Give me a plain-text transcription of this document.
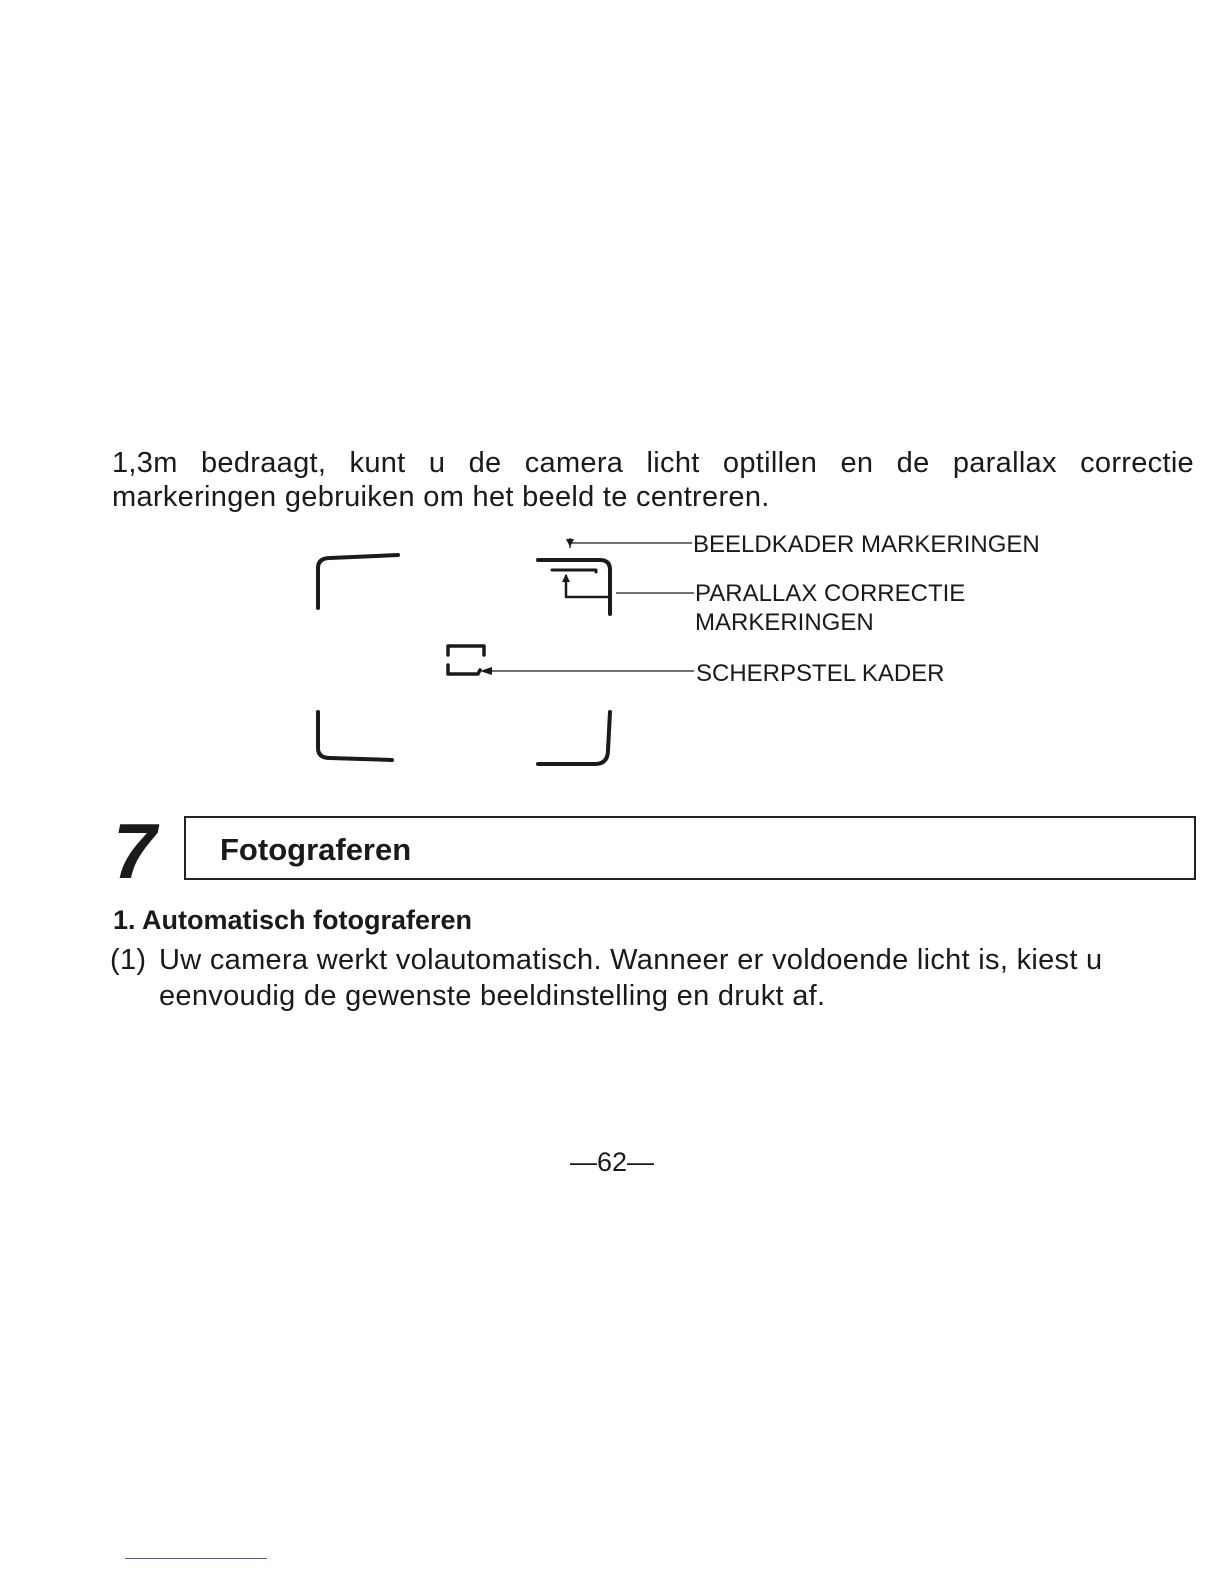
1,3m bedraagt, kunt u de camera licht optillen en de parallax correctie
markeringen gebruiken om het beeld te centreren.
BEELDKADER MARKERINGEN
PARALLAX CORRECTIE
MARKERINGEN
SCHERPSTEL KADER
7 Fotograferen
1. Automatisch fotograferen
(1) Uw camera werkt volautomatisch. Wanneer er voldoende licht is, kiest u
eenvoudig de gewenste beeldinstelling en drukt af.
—62—
